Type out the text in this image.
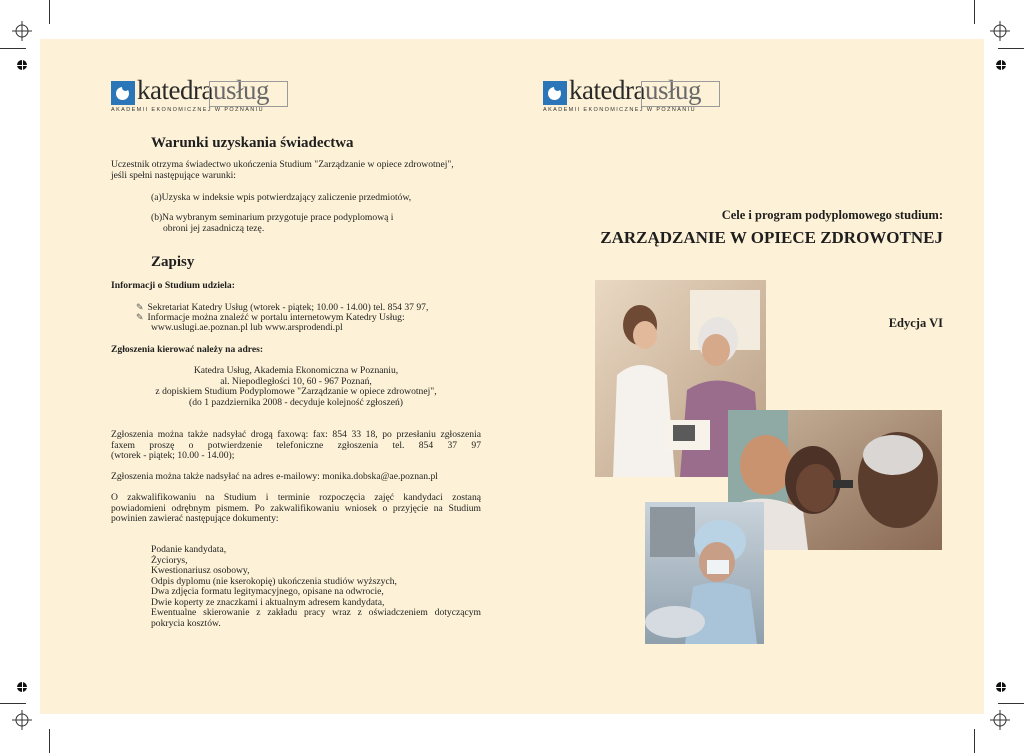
katedrausług
AKADEMII EKONOMICZNEJ W POZNANIU
Warunki uzyskania świadectwa
Uczestnik otrzyma świadectwo ukończenia Studium "Zarządzanie w opiece zdrowotnej",
jeśli spełni następujące warunki:
(a)Uzyska w indeksie wpis potwierdzający zaliczenie przedmiotów,
(b)Na wybranym seminarium przygotuje prace podyplomową i
obroni jej zasadniczą tezę.
Zapisy
Informacji o Studium udziela:
✎ Sekretariat Katedry Usług (wtorek - piątek; 10.00 - 14.00) tel. 854 37 97,
✎ Informacje można znaleźć w portalu internetowym Katedry Usług:
www.uslugi.ae.poznan.pl lub www.arsprodendi.pl
Zgłoszenia kierować należy na adres:
Katedra Usług, Akademia Ekonomiczna w Poznaniu,
al. Niepodległości 10, 60 - 967 Poznań,
z dopiskiem Studium Podyplomowe "Zarządzanie w opiece zdrowotnej",
(do 1 pazdziernika 2008 - decyduje kolejność zgłoszeń)
Zgłoszenia można także nadsyłać drogą faxową: fax: 854 33 18, po przesłaniu zgłoszenia
faxem proszę o potwierdzenie telefoniczne zgłoszenia tel. 854 37 97
(wtorek - piątek; 10.00 - 14.00);
Zgłoszenia można także nadsyłać na adres e-mailowy: monika.dobska@ae.poznan.pl
O zakwalifikowaniu na Studium i terminie rozpoczęcia zajęć kandydaci zostaną
powiadomieni odrębnym pismem. Po zakwalifikowaniu wniosek o przyjęcie na Studium
powinien zawierać następujące dokumenty:
Podanie kandydata,
Życiorys,
Kwestionariusz osobowy,
Odpis dyplomu (nie kserokopię) ukończenia studiów wyższych,
Dwa zdjęcia formatu legitymacyjnego, opisane na odwrocie,
Dwie koperty ze znaczkami i aktualnym adresem kandydata,
Ewentualne skierowanie z zakładu pracy wraz z oświadczeniem dotyczącym
pokrycia kosztów.
katedrausług
AKADEMII EKONOMICZNEJ W POZNANIU
Cele i program podyplomowego studium:
ZARZĄDZANIE W OPIECE ZDROWOTNEJ
Edycja VI
